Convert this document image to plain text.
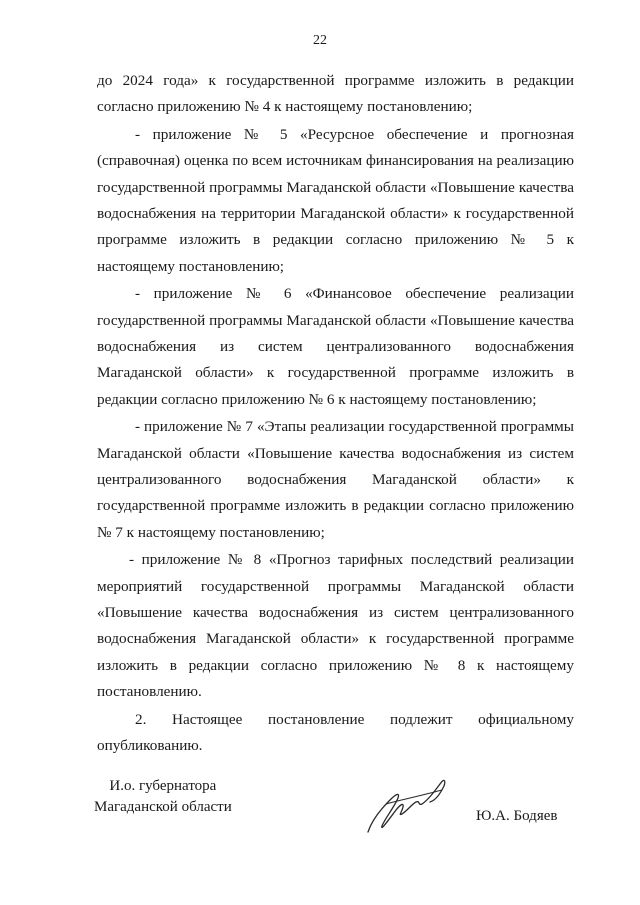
22

до 2024 года» к государственной программе изложить в редакции согласно приложению № 4 к настоящему постановлению;

- приложение № 5 «Ресурсное обеспечение и прогнозная (справочная) оценка по всем источникам финансирования на реализацию государственной программы Магаданской области «Повышение качества водоснабжения на территории Магаданской области» к государственной программе изложить в редакции согласно приложению № 5 к настоящему постановлению;

- приложение № 6 «Финансовое обеспечение реализации государственной программы Магаданской области «Повышение качества водоснабжения из систем централизованного водоснабжения Магаданской области» к государственной программе изложить в редакции согласно приложению № 6 к настоящему постановлению;

- приложение № 7 «Этапы реализации государственной программы Магаданской области «Повышение качества водоснабжения из систем централизованного водоснабжения Магаданской области» к государственной программе изложить в редакции согласно приложению № 7 к настоящему постановлению;

- приложение № 8 «Прогноз тарифных последствий реализации мероприятий государственной программы Магаданской области «Повышение качества водоснабжения из систем централизованного водоснабжения Магаданской области» к государственной программе изложить в редакции согласно приложению № 8 к настоящему постановлению.

2. Настоящее постановление подлежит официальному опубликованию.

И.о. губернатора
Магаданской области
Ю.А. Бодяев
